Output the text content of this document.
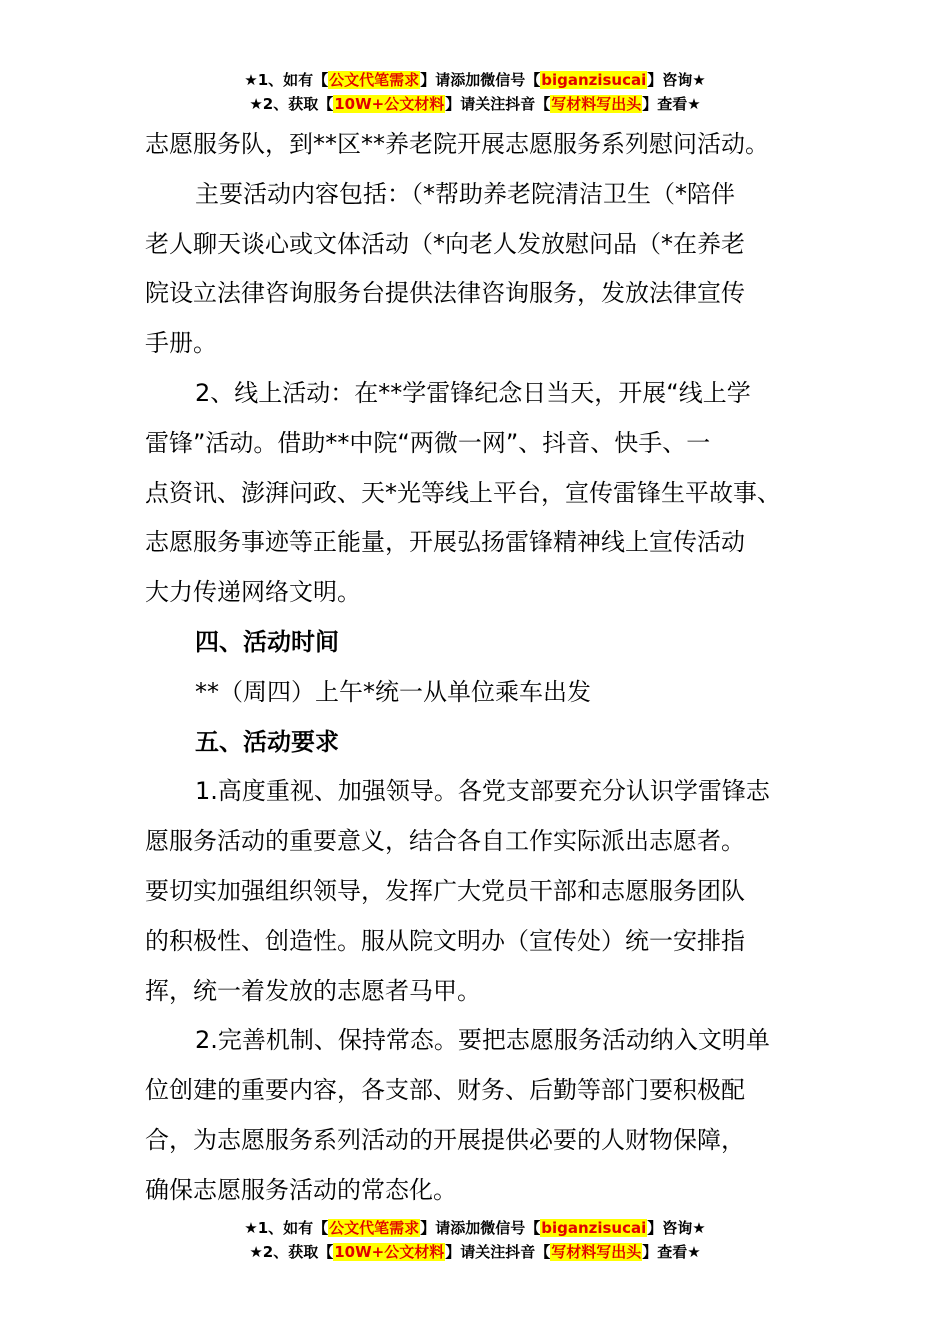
★1、如有【公文代笔需求】请添加微信号【biganzisucai】咨询★
★2、获取【10W+公文材料】请关注抖音【写材料写出头】查看★

志愿服务队，到**区**养老院开展志愿服务系列慰问活动。

主要活动内容包括：（*帮助养老院清洁卫生（*陪伴

老人聊天谈心或文体活动（*向老人发放慰问品（*在养老

院设立法律咨询服务台提供法律咨询服务，发放法律宣传

手册。

2、线上活动：在**学雷锋纪念日当天，开展“线上学

雷锋”活动。借助**中院“两微一网”、抖音、快手、一

点资讯、澎湃问政、天*光等线上平台，宣传雷锋生平故事、

志愿服务事迹等正能量，开展弘扬雷锋精神线上宣传活动

大力传递网络文明。

四、活动时间

**（周四）上午*统一从单位乘车出发

五、活动要求

1.高度重视、加强领导。各党支部要充分认识学雷锋志

愿服务活动的重要意义，结合各自工作实际派出志愿者。

要切实加强组织领导，发挥广大党员干部和志愿服务团队

的积极性、创造性。服从院文明办（宣传处）统一安排指

挥，统一着发放的志愿者马甲。

2.完善机制、保持常态。要把志愿服务活动纳入文明单

位创建的重要内容，各支部、财务、后勤等部门要积极配

合，为志愿服务系列活动的开展提供必要的人财物保障，

确保志愿服务活动的常态化。

★1、如有【公文代笔需求】请添加微信号【biganzisucai】咨询★
★2、获取【10W+公文材料】请关注抖音【写材料写出头】查看★
